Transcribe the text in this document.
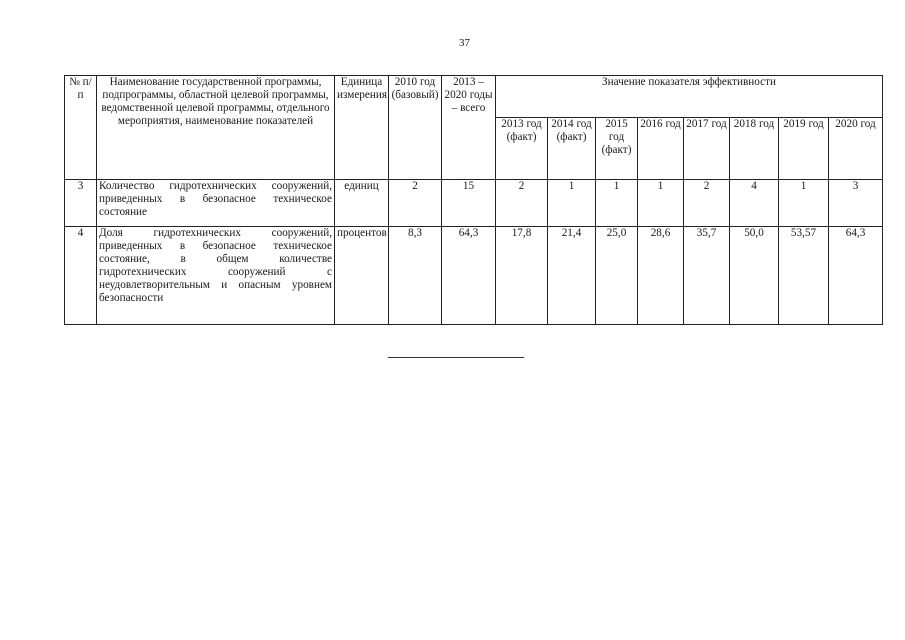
37
№ п/п	Наименование государственной программы, подпрограммы, областной целевой программы, ведомственной целевой программы, отдельного мероприятия, наименование показателей	Единица измерения	2010 год (базовый)	2013 – 2020 годы – всего	Значение показателя эффективности							
					2013 год (факт)	2014 год (факт)	2015 год (факт)	2016 год	2017 год	2018 год	2019 год	2020 год
3	Количество гидротехнических сооружений, приведенных в безопасное техническое состояние	единиц	2	15	2	1	1	1	2	4	1	3
4	Доля гидротехнических сооружений, приведенных в безопасное техническое состояние, в общем количестве гидротехнических сооружений с неудовлетворительным и опасным уровнем безопасности	процентов	8,3	64,3	17,8	21,4	25,0	28,6	35,7	50,0	53,57	64,3
